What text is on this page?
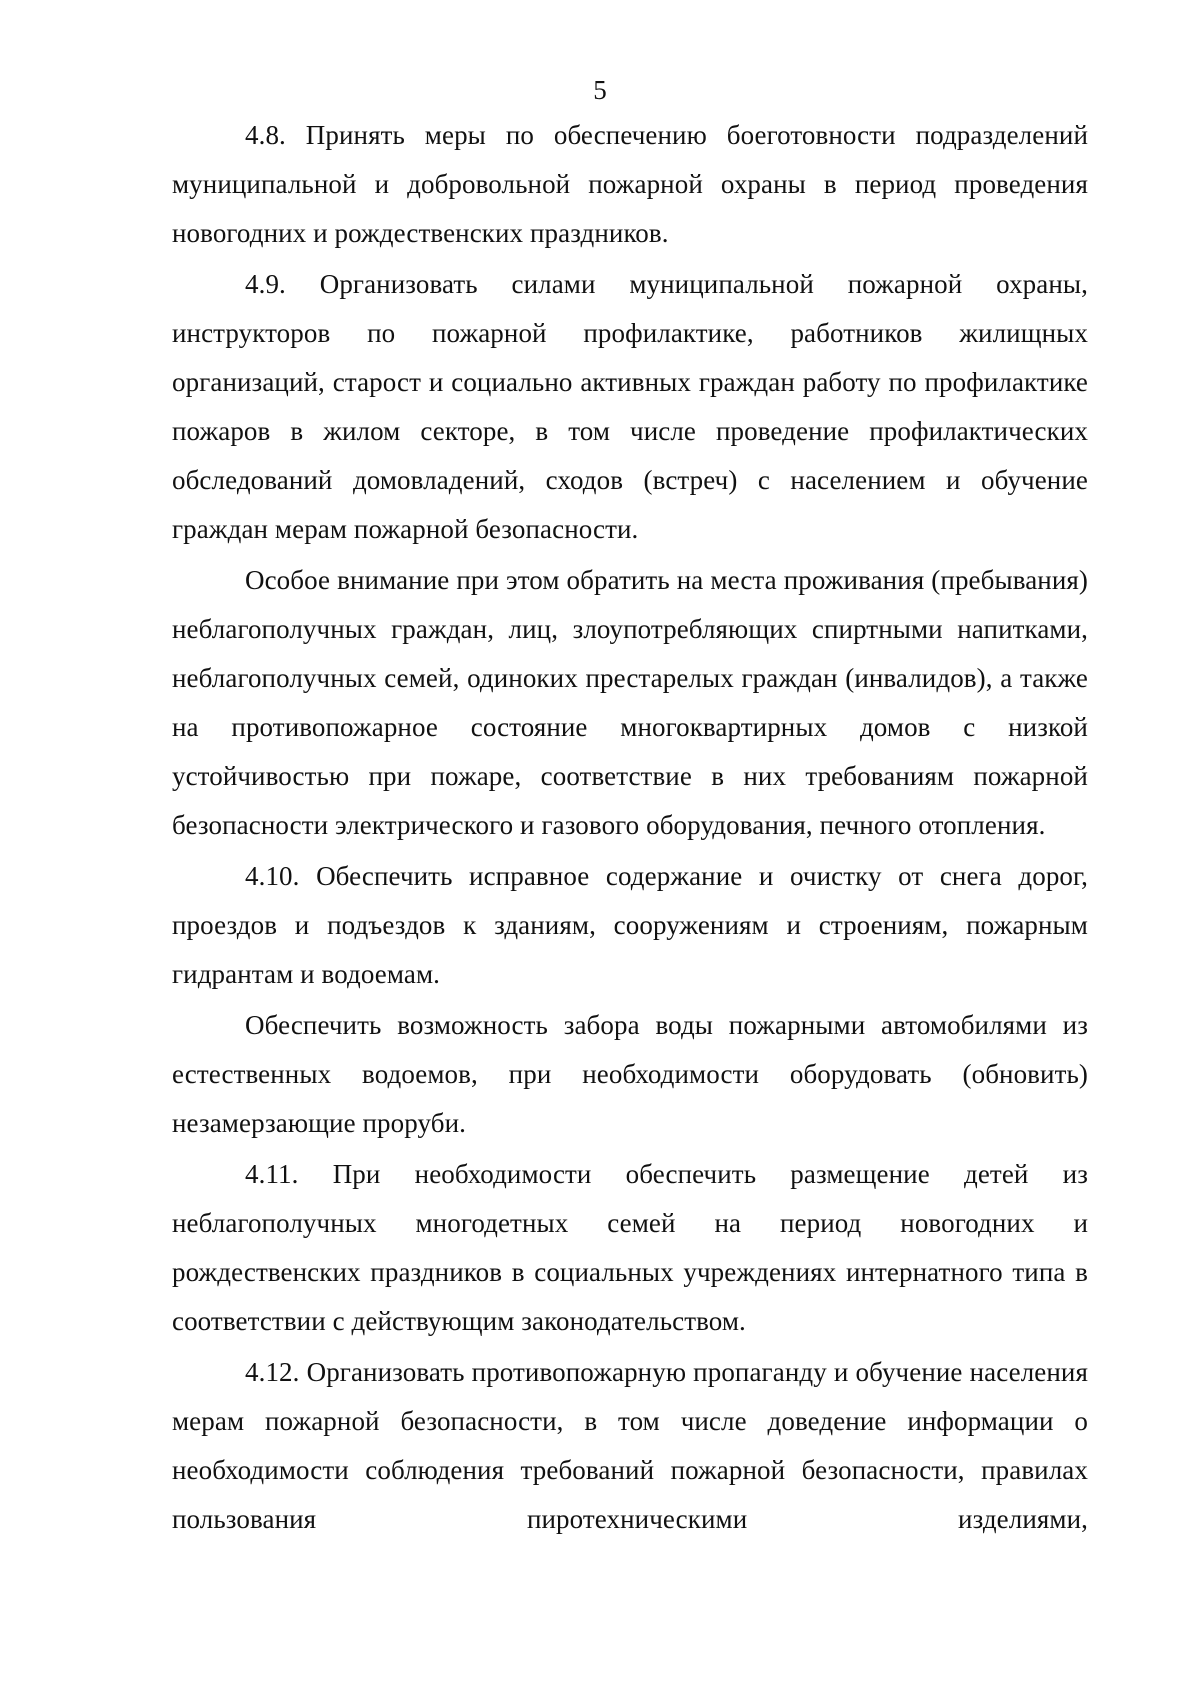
5

4.8. Принять меры по обеспечению боеготовности подразделений муниципальной и добровольной пожарной охраны в период проведения новогодних и рождественских праздников.

4.9. Организовать силами муниципальной пожарной охраны, инструкторов по пожарной профилактике, работников жилищных организаций, старост и социально активных граждан работу по профилактике пожаров в жилом секторе, в том числе проведение профилактических обследований домовладений, сходов (встреч) с населением и обучение граждан мерам пожарной безопасности.

Особое внимание при этом обратить на места проживания (пребывания) неблагополучных граждан, лиц, злоупотребляющих спиртными напитками, неблагополучных семей, одиноких престарелых граждан (инвалидов), а также на противопожарное состояние многоквартирных домов с низкой устойчивостью при пожаре, соответствие в них требованиям пожарной безопасности электрического и газового оборудования, печного отопления.

4.10. Обеспечить исправное содержание и очистку от снега дорог, проездов и подъездов к зданиям, сооружениям и строениям, пожарным гидрантам и водоемам.

Обеспечить возможность забора воды пожарными автомобилями из естественных водоемов, при необходимости оборудовать (обновить) незамерзающие проруби.

4.11. При необходимости обеспечить размещение детей из неблагополучных многодетных семей на период новогодних и рождественских праздников в социальных учреждениях интернатного типа в соответствии с действующим законодательством.

4.12. Организовать противопожарную пропаганду и обучение населения мерам пожарной безопасности, в том числе доведение информации о необходимости соблюдения требований пожарной безопасности, правилах пользования пиротехническими изделиями,
